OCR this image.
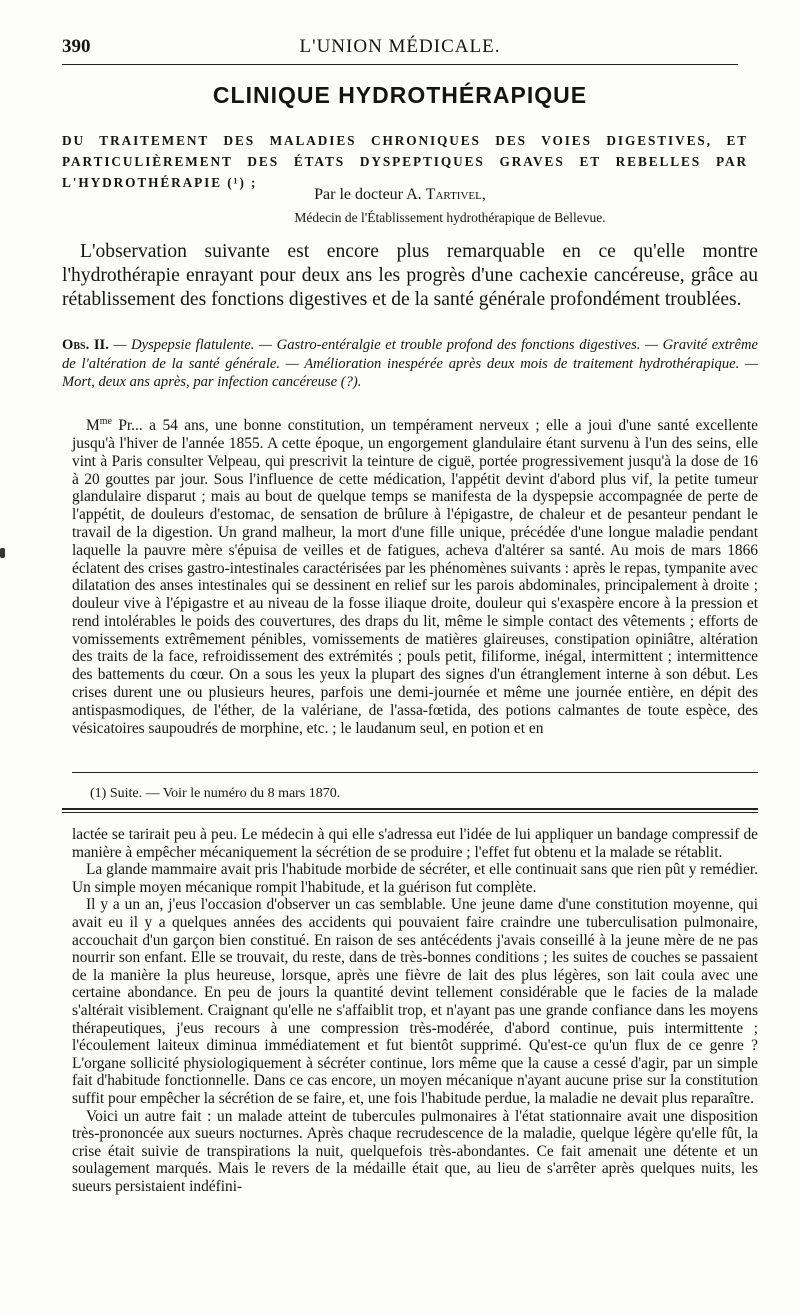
390	L'UNION MÉDICALE.
CLINIQUE HYDROTHÉRAPIQUE
DU TRAITEMENT DES MALADIES CHRONIQUES DES VOIES DIGESTIVES, ET PARTICULIÈREMENT DES ÉTATS DYSPEPTIQUES GRAVES ET REBELLES PAR L'HYDROTHÉRAPIE (¹) ;
Par le docteur A. Tartivel,
Médecin de l'Établissement hydrothérapique de Bellevue.
L'observation suivante est encore plus remarquable en ce qu'elle montre l'hydrothérapie enrayant pour deux ans les progrès d'une cachexie cancéreuse, grâce au rétablissement des fonctions digestives et de la santé générale profondément troublées.
Obs. II. — Dyspepsie flatulente. — Gastro-entéralgie et trouble profond des fonctions digestives. — Gravité extrême de l'altération de la santé générale. — Amélioration inespérée après deux mois de traitement hydrothérapique. — Mort, deux ans après, par infection cancéreuse (?).
$M^{me}$ Pr... a 54 ans, une bonne constitution, un tempérament nerveux ; elle a joui d'une santé excellente jusqu'à l'hiver de l'année 1855. A cette époque, un engorgement glandulaire étant survenu à l'un des seins, elle vint à Paris consulter Velpeau, qui prescrivit la teinture de ciguë, portée progressivement jusqu'à la dose de 16 à 20 gouttes par jour. Sous l'influence de cette médication, l'appétit devint d'abord plus vif, la petite tumeur glandulaire disparut ; mais au bout de quelque temps se manifesta de la dyspepsie accompagnée de perte de l'appétit, de douleurs d'estomac, de sensation de brûlure à l'épigastre, de chaleur et de pesanteur pendant le travail de la digestion. Un grand malheur, la mort d'une fille unique, précédée d'une longue maladie pendant laquelle la pauvre mère s'épuisa de veilles et de fatigues, acheva d'altérer sa santé. Au mois de mars 1866 éclatent des crises gastro-intestinales caractérisées par les phénomènes suivants : après le repas, tympanite avec dilatation des anses intestinales qui se dessinent en relief sur les parois abdominales, principalement à droite ; douleur vive à l'épigastre et au niveau de la fosse iliaque droite, douleur qui s'exaspère encore à la pression et rend intolérables le poids des couvertures, des draps du lit, même le simple contact des vêtements ; efforts de vomissements extrêmement pénibles, vomissements de matières glaireuses, constipation opiniâtre, altération des traits de la face, refroidissement des extrémités ; pouls petit, filiforme, inégal, intermittent ; intermittence des battements du cœur. On a sous les yeux la plupart des signes d'un étranglement interne à son début. Les crises durent une ou plusieurs heures, parfois une demi-journée et même une journée entière, en dépit des antispasmodiques, de l'éther, de la valériane, de l'assa-fœtida, des potions calmantes de toute espèce, des vésicatoires saupoudrés de morphine, etc. ; le laudanum seul, en potion et en
(1) Suite. — Voir le numéro du 8 mars 1870.

lactée se tarirait peu à peu. Le médecin à qui elle s'adressa eut l'idée de lui appliquer un bandage compressif de manière à empêcher mécaniquement la sécrétion de se produire ; l'effet fut obtenu et la malade se rétablit.

La glande mammaire avait pris l'habitude morbide de sécréter, et elle continuait sans que rien pût y remédier. Un simple moyen mécanique rompit l'habitude, et la guérison fut complète.

Il y a un an, j'eus l'occasion d'observer un cas semblable. Une jeune dame d'une constitution moyenne, qui avait eu il y a quelques années des accidents qui pouvaient faire craindre une tuberculisation pulmonaire, accouchait d'un garçon bien constitué. En raison de ses antécédents j'avais conseillé à la jeune mère de ne pas nourrir son enfant. Elle se trouvait, du reste, dans de très-bonnes conditions ; les suites de couches se passaient de la manière la plus heureuse, lorsque, après une fièvre de lait des plus légères, son lait coula avec une certaine abondance. En peu de jours la quantité devint tellement considérable que le facies de la malade s'altérait visiblement. Craignant qu'elle ne s'affaiblit trop, et n'ayant pas une grande confiance dans les moyens thérapeutiques, j'eus recours à une compression très-modérée, d'abord continue, puis intermittente ; l'écoulement laiteux diminua immédiatement et fut bientôt supprimé. Qu'est-ce qu'un flux de ce genre ? L'organe sollicité physiologiquement à sécréter continue, lors même que la cause a cessé d'agir, par un simple fait d'habitude fonctionnelle. Dans ce cas encore, un moyen mécanique n'ayant aucune prise sur la constitution suffit pour empêcher la sécrétion de se faire, et, une fois l'habitude perdue, la maladie ne devait plus reparaître.

Voici un autre fait : un malade atteint de tubercules pulmonaires à l'état stationnaire avait une disposition très-prononcée aux sueurs nocturnes. Après chaque recrudescence de la maladie, quelque légère qu'elle fût, la crise était suivie de transpirations la nuit, quelquefois très-abondantes. Ce fait amenait une détente et un soulagement marqués. Mais le revers de la médaille était que, au lieu de s'arrêter après quelques nuits, les sueurs persistaient indéfini-
